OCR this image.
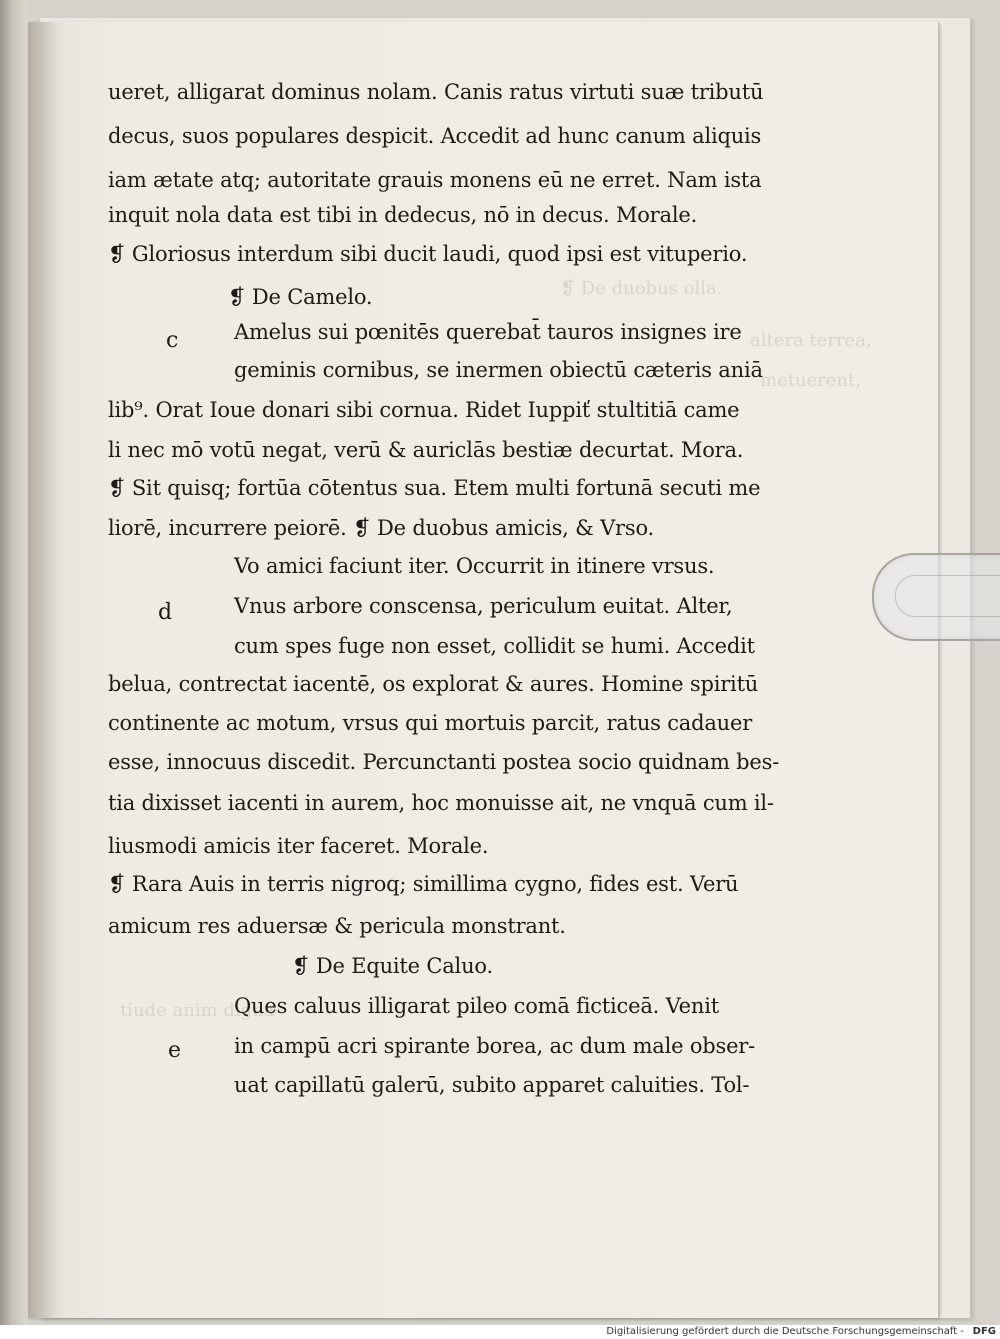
❡ De duobus olla.
altera terrea,
metuerent,
tiude anim digna
ueret, alligarat dominus nolam. Canis ratus virtuti suæ tributū
decus, suos populares despicit. Accedit ad hunc canum aliquis
iam ætate atq; autoritate grauis monens eū ne erret. Nam ista
inquit nola data est tibi in dedecus, nō in decus. Morale.
❡ Gloriosus interdum sibi ducit laudi, quod ipsi est vituperio.
❡ De Camelo.
Amelus sui pœnitēs querebat̄ tauros insignes ire
geminis cornibus, se inermen obiectū cæteris aniā
lib⁹. Orat Ioue donari sibi cornua. Ridet Iuppiť stultitiā came
li nec mō votū negat, verū & auriclās bestiæ decurtat. Mora.
❡ Sit quisq; fortūa cōtentus sua. Etem multi fortunā secuti me
liorē, incurrere peiorē. ❡ De duobus amicis, & Vrso.
Vo amici faciunt iter. Occurrit in itinere vrsus.
Vnus arbore conscensa, periculum euitat. Alter,
cum spes fuge non esset, collidit se humi. Accedit
belua, contrectat iacentē, os explorat & aures. Homine spiritū
continente ac motum, vrsus qui mortuis parcit, ratus cadauer
esse, innocuus discedit. Percunctanti postea socio quidnam bes-
tia dixisset iacenti in aurem, hoc monuisse ait, ne vnquā cum il-
liusmodi amicis iter faceret. Morale.
❡ Rara Auis in terris nigroq; simillima cygno, fides est. Verū
amicum res aduersæ & pericula monstrant.
❡ De Equite Caluo.
Ques caluus illigarat pileo comā ficticeā. Venit
in campū acri spirante borea, ac dum male obser-
uat capillatū galerū, subito apparet caluities. Tol-
c
d
e
Digitalisierung gefördert durch die Deutsche Forschungsgemeinschaft - DFG
